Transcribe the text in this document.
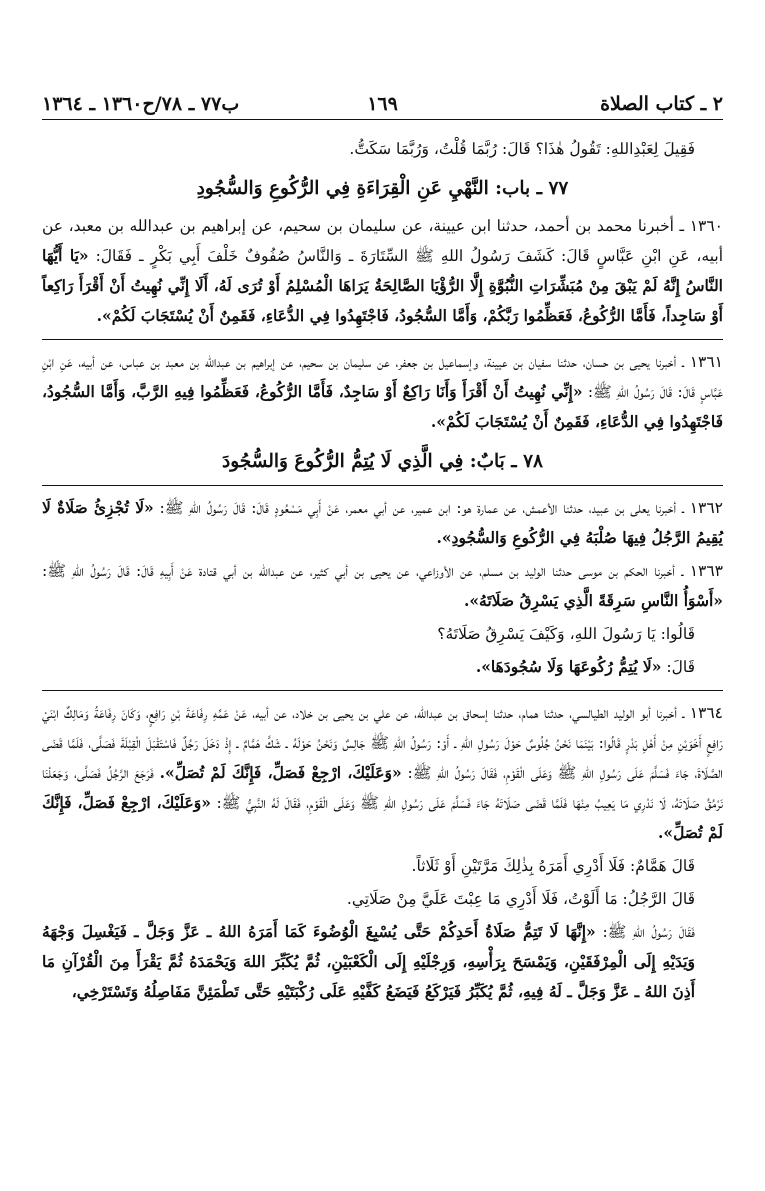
٢ ـ كتاب الصلاة
١٦٩
ب٧٧ ـ ٧٨/ح١٣٦٠ ـ ١٣٦٤

فَقِيلَ لِعَبْدِاللهِ: تَقُولُ هٰذَا؟ قَالَ: رُبَّمَا قُلْتُ، وَرُبَّمَا سَكَتُّ.

٧٧ ـ باب: النَّهْيِ عَنِ الْقِرَاءَةِ فِي الرُّكُوعِ وَالسُّجُودِ

١٣٦٠ ـ أخبرنا محمد بن أحمد، حدثنا ابن عيينة، عن سليمان بن سحيم، عن إبراهيم بن عبدالله بن معبد، عن أبيه، عَنِ ابْنِ عَبَّاسٍ قَالَ: كَشَفَ رَسُولُ اللهِ ﷺ السِّتَارَةَ ـ وَالنَّاسُ صُفُوفٌ خَلْفَ أَبِي بَكْرٍ ـ فَقَالَ: «يَا أَيُّهَا النَّاسُ إِنَّهُ لَمْ يَبْقَ مِنْ مُبَشِّرَاتِ النُّبُوَّةِ إِلَّا الرُّؤْيَا الصَّالِحَةُ يَرَاهَا الْمُسْلِمُ أَوْ تُرَى لَهُ، أَلَا إِنِّي نُهِيتُ أَنْ أَقْرَأَ رَاكِعاً أَوْ سَاجِداً، فَأَمَّا الرُّكُوعُ، فَعَظِّمُوا رَبَّكُمْ، وَأَمَّا السُّجُودُ، فَاجْتَهِدُوا فِي الدُّعَاءِ، فَقَمِنٌ أَنْ يُسْتَجَابَ لَكُمْ».

١٣٦١ ـ أخبرنا يحيى بن حسان، حدثنا سفيان بن عيينة، وإسماعيل بن جعفر، عن سليمان بن سحيم، عن إبراهيم بن عبدالله بن معبد بن عباس، عن أبيه، عَنِ ابْنِ عَبَّاسٍ قَالَ: قَالَ رَسُولُ اللهِ ﷺ: «إِنِّي نُهِيتُ أَنْ أَقْرَأَ وَأَنَا رَاكِعٌ أَوْ سَاجِدٌ، فَأَمَّا الرُّكُوعُ، فَعَظِّمُوا فِيهِ الرَّبَّ، وَأَمَّا السُّجُودُ، فَاجْتَهِدُوا فِي الدُّعَاءِ، فَقَمِنٌ أَنْ يُسْتَجَابَ لَكُمْ».

٧٨ ـ بَابٌ: فِي الَّذِي لَا يُتِمُّ الرُّكُوعَ وَالسُّجُودَ

١٣٦٢ ـ أخبرنا يعلى بن عبيد، حدثنا الأعمش، عن عمارة هو: ابن عمير، عن أبي معمر، عَنْ أَبِي مَسْعُودٍ قَالَ: قَالَ رَسُولُ اللهِ ﷺ: «لَا تُجْزِئُ صَلَاةٌ لَا يُقِيمُ الرَّجُلُ فِيهَا صُلْبَهُ فِي الرُّكُوعِ وَالسُّجُودِ».

١٣٦٣ ـ أخبرنا الحكم بن موسى حدثنا الوليد بن مسلم، عن الأوزاعي، عن يحيى بن أبي كثير، عن عبدالله بن أبي قتادة عَنْ أَبِيهِ قَالَ: قَالَ رَسُولُ اللهِ ﷺ: «أَسْوَأُ النَّاسِ سَرِقَةً الَّذِي يَسْرِقُ صَلَاتَهُ».

قَالُوا: يَا رَسُولَ اللهِ، وَكَيْفَ يَسْرِقُ صَلَاتَهُ؟

قَالَ: «لَا يُتِمُّ رُكُوعَهَا وَلَا سُجُودَهَا».

١٣٦٤ ـ أخبرنا أبو الوليد الطيالسي، حدثنا همام، حدثنا إسحاق بن عبدالله، عن علي بن يحيى بن خلاد، عن أبيه، عَنْ عَمِّهِ رِفَاعَةَ بْنِ رَافِعٍ، وَكَانَ رِفَاعَةُ وَمَالِكٌ ابْنَيْ رَافِعٍ أَخَوَيْنِ مِنْ أَهْلِ بَدْرٍ قَالُوا: بَيْنَمَا نَحْنُ جُلُوسٌ حَوْلَ رَسُولِ اللهِ ـ أَوْ: رَسُولُ اللهِ ﷺ جَالِسٌ وَنَحْنُ حَوْلَهُ ـ شَكَّ هَمَّامٌ ـ إِذْ دَخَلَ رَجُلٌ فَاسْتَقْبَلَ الْقِبْلَةَ فَصَلَّى، فَلَمَّا قَضَى الصَّلَاةَ، جَاءَ فَسَلَّمَ عَلَى رَسُولِ اللهِ ﷺ وَعَلَى الْقَوْمِ، فَقَالَ رَسُولُ اللهِ ﷺ: «وَعَلَيْكَ، ارْجِعْ فَصَلِّ، فَإِنَّكَ لَمْ تُصَلِّ». فَرَجَعَ الرَّجُلُ فَصَلَّى، وَجَعَلْنَا نَرْمُقُ صَلَاتَهُ، لَا نَدْرِي مَا يَعِيبُ مِنْهَا فَلَمَّا قَضَى صَلَاتَهُ جَاءَ فَسَلَّمَ عَلَى رَسُولِ اللهِ ﷺ وَعَلَى الْقَوْمِ، فَقَالَ لَهُ النَّبِيُّ ﷺ: «وَعَلَيْكَ، ارْجِعْ فَصَلِّ، فَإِنَّكَ لَمْ تُصَلِّ».

قَالَ هَمَّامٌ: فَلَا أَدْرِي أَمَرَهُ بِذٰلِكَ مَرَّتَيْنِ أَوْ ثَلَاثاً.

قَالَ الرَّجُلُ: مَا أَلَوْتُ، فَلَا أَدْرِي مَا عِبْتَ عَلَيَّ مِنْ صَلَاتِي.

فَقَالَ رَسُولُ اللهِ ﷺ: «إِنَّهَا لَا تَتِمُّ صَلَاةُ أَحَدِكُمْ حَتَّى يُسْبِغَ الْوُضُوءَ كَمَا أَمَرَهُ اللهُ ـ عَزَّ وَجَلَّ ـ فَيَغْسِلَ وَجْهَهُ وَيَدَيْهِ إِلَى الْمِرْفَقَيْنِ، وَيَمْسَحَ بِرَأْسِهِ، وَرِجْلَيْهِ إِلَى الْكَعْبَيْنِ، ثُمَّ يُكَبِّرَ اللهَ وَيَحْمَدَهُ ثُمَّ يَقْرَأَ مِنَ الْقُرْآنِ مَا أَذِنَ اللهُ ـ عَزَّ وَجَلَّ ـ لَهُ فِيهِ، ثُمَّ يُكَبِّرُ فَيَرْكَعُ فَيَضَعُ كَفَّيْهِ عَلَى رُكْبَتَيْهِ حَتَّى تَطْمَئِنَّ مَفَاصِلُهُ وَتَسْتَرْخِي،
